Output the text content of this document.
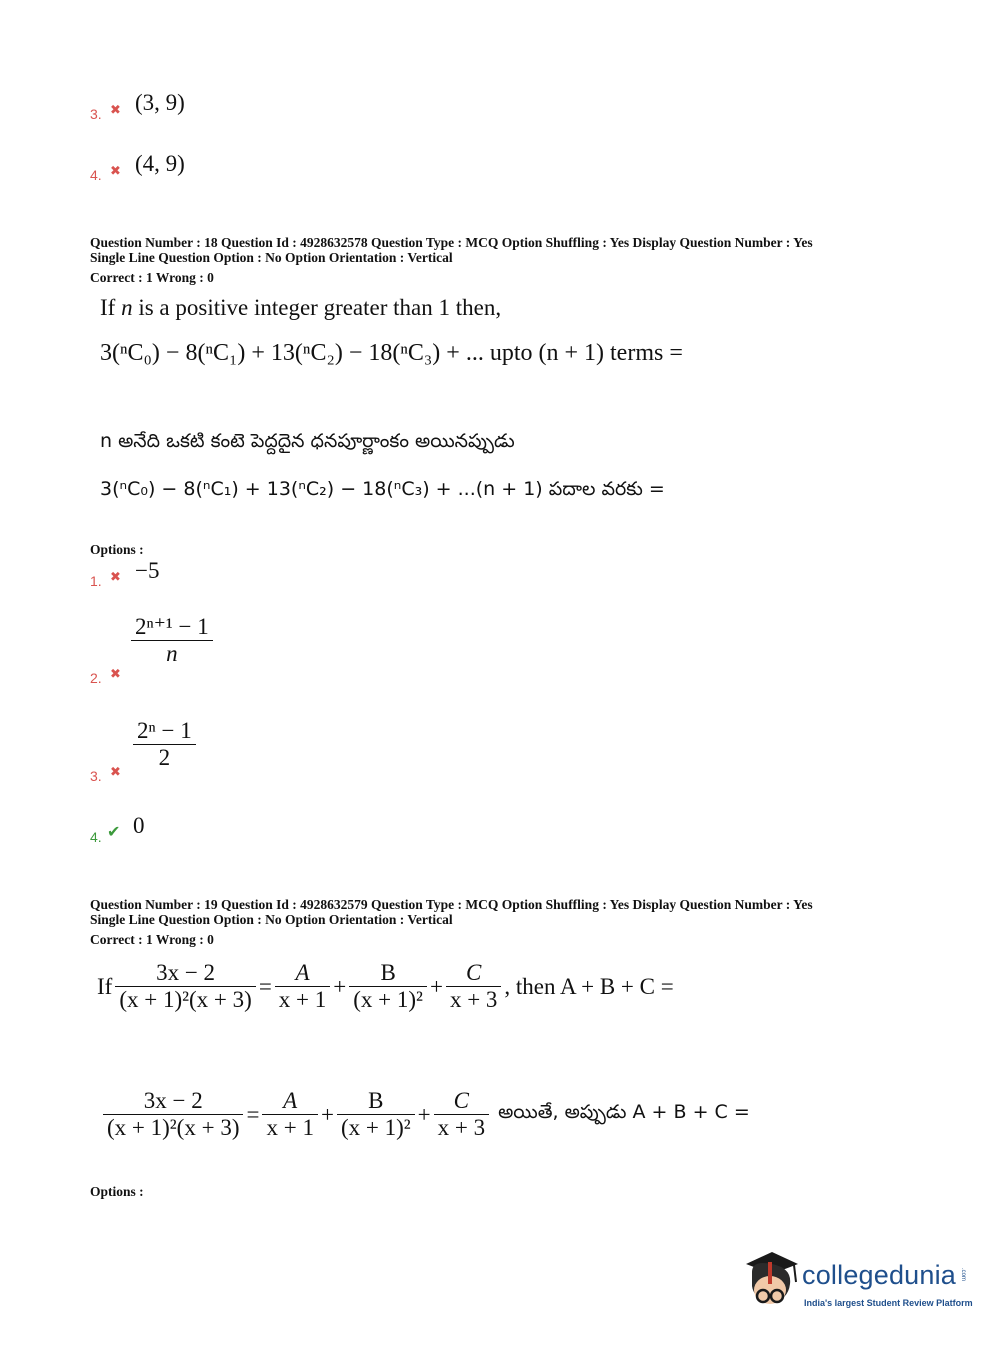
3. ✖ (3, 9)
4. ✖ (4, 9)
Question Number : 18 Question Id : 4928632578 Question Type : MCQ Option Shuffling : Yes Display Question Number : Yes
Single Line Question Option : No Option Orientation : Vertical
Correct : 1 Wrong : 0
If n is a positive integer greater than 1 then,
3(ⁿC₀) − 8(ⁿC₁) + 13(ⁿC₂) − 18(ⁿC₃) + ... upto (n + 1) terms =
n అనేది ఒకటి కంటె పెద్దదైన ధనపూర్ణాంకం అయినప్పుడు
3(ⁿC₀) − 8(ⁿC₁) + 13(ⁿC₂) − 18(ⁿC₃) + ...(n + 1) పదాల వరకు =
Options :
1. ✖ −5
$\frac{\text{2ⁿ⁺¹ − 1}}{n}$
2. ✖
$\frac{\text{2ⁿ − 1}}{2}$
3. ✖
4. ✔ 0
Question Number : 19 Question Id : 4928632579 Question Type : MCQ Option Shuffling : Yes Display Question Number : Yes
Single Line Question Option : No Option Orientation : Vertical
Correct : 1 Wrong : 0
If $\frac{3x - 2}{\text{(x + 1)²(x + 3)}} = \frac{A}{x + 1} + \frac{B}{\text{(x + 1)²}} + \frac{C}{x + 3}$ , then A + B + C =
$\frac{3x - 2}{\text{(x + 1)²(x + 3)}} = \frac{A}{x + 1} + \frac{B}{\text{(x + 1)²}} + \frac{C}{x + 3}$ అయితే, అప్పుడు A + B + C =
Options :
collegedunia .com
India's largest Student Review Platform
